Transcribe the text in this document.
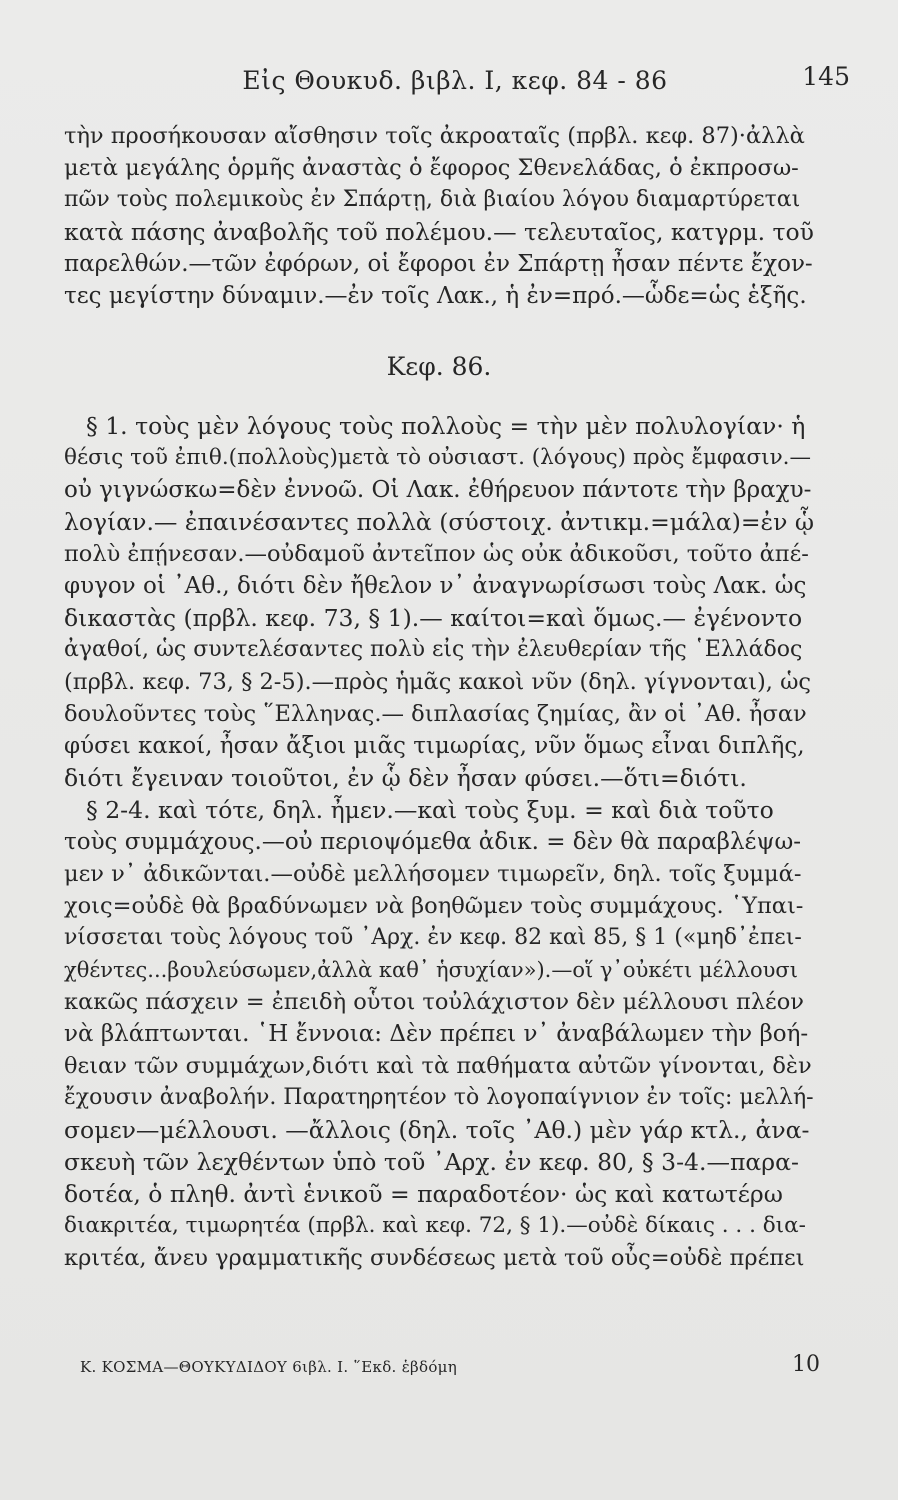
Εἰς Θουκυδ. βιβλ. Ι, κεφ. 84 - 86	145
τὴν προσήκουσαν αἴσθησιν τοῖς ἀκροαταῖς (πρβλ. κεφ. 87)·ἀλλὰ
μετὰ μεγάλης ὁρμῆς ἀναστὰς ὁ ἔφορος Σθενελάδας, ὁ ἐκπροσω-
πῶν τοὺς πολεμικοὺς ἐν Σπάρτῃ, διὰ βιαίου λόγου διαμαρτύρεται
κατὰ πάσης ἀναβολῆς τοῦ πολέμου.— τελευταῖος, κατγρμ. τοῦ
παρελθών.—τῶν ἐφόρων, οἱ ἔφοροι ἐν Σπάρτῃ ἦσαν πέντε ἔχον-
τες μεγίστην δύναμιν.—ἐν τοῖς Λακ., ἡ ἐν=πρό.—ὧδε=ὡς ἑξῆς.
Κεφ. 86.
§ 1. τοὺς μὲν λόγους τοὺς πολλοὺς = τὴν μὲν πολυλογίαν· ἡ
θέσις τοῦ ἐπιθ.(πολλοὺς)μετὰ τὸ οὐσιαστ. (λόγους) πρὸς ἔμφασιν.—
οὐ γιγνώσκω=δὲν ἐννοῶ. Οἱ Λακ. ἐθήρευον πάντοτε τὴν βραχυ-
λογίαν.— ἐπαινέσαντες πολλὰ (σύστοιχ. ἀντικμ.=μάλα)=ἐν ᾧ
πολὺ ἐπῄνεσαν.—οὐδαμοῦ ἀντεῖπον ὡς οὐκ ἀδικοῦσι, τοῦτο ἀπέ-
φυγον οἱ ᾿Αθ., διότι δὲν ἤθελον ν᾿ ἀναγνωρίσωσι τοὺς Λακ. ὡς
δικαστὰς (πρβλ. κεφ. 73, § 1).— καίτοι=καὶ ὅμως.— ἐγένοντο
ἀγαθοί, ὡς συντελέσαντες πολὺ εἰς τὴν ἐλευθερίαν τῆς ῾Ελλάδος
(πρβλ. κεφ. 73, § 2-5).—πρὸς ἡμᾶς κακοὶ νῦν (δηλ. γίγνονται), ὡς
δουλοῦντες τοὺς ῞Ελληνας.— διπλασίας ζημίας, ἂν οἱ ᾿Αθ. ἦσαν
φύσει κακοί, ἦσαν ἄξιοι μιᾶς τιμωρίας, νῦν ὅμως εἶναι διπλῆς,
διότι ἔγειναν τοιοῦτοι, ἐν ᾧ δὲν ἦσαν φύσει.—ὅτι=διότι.
§ 2-4. καὶ τότε, δηλ. ἦμεν.—καὶ τοὺς ξυμ. = καὶ διὰ τοῦτο
τοὺς συμμάχους.—οὐ περιοψόμεθα ἀδικ. = δὲν θὰ παραβλέψω-
μεν ν᾿ ἀδικῶνται.—οὐδὲ μελλήσομεν τιμωρεῖν, δηλ. τοῖς ξυμμά-
χοις=οὐδὲ θὰ βραδύνωμεν νὰ βοηθῶμεν τοὺς συμμάχους. ῾Υπαι-
νίσσεται τοὺς λόγους τοῦ ᾿Αρχ. ἐν κεφ. 82 καὶ 85, § 1 («μηδ᾿ἐπει-
χθέντες...βουλεύσωμεν,ἀλλὰ καθ᾿ ἡσυχίαν»).—οἵ γ᾿οὐκέτι μέλλουσι
κακῶς πάσχειν = ἐπειδὴ οὗτοι τοὐλάχιστον δὲν μέλλουσι πλέον
νὰ βλάπτωνται. ῾Η ἔννοια: Δὲν πρέπει ν᾿ ἀναβάλωμεν τὴν βοή-
θειαν τῶν συμμάχων,διότι καὶ τὰ παθήματα αὐτῶν γίνονται, δὲν
ἔχουσιν ἀναβολήν. Παρατηρητέον τὸ λογοπαίγνιον ἐν τοῖς: μελλή-
σομεν—μέλλουσι. —ἄλλοις (δηλ. τοῖς ᾿Αθ.) μὲν γάρ κτλ., ἀνα-
σκευὴ τῶν λεχθέντων ὑπὸ τοῦ ᾿Αρχ. ἐν κεφ. 80, § 3-4.—παρα-
δοτέα, ὁ πληθ. ἀντὶ ἑνικοῦ = παραδοτέον· ὡς καὶ κατωτέρω
διακριτέα, τιμωρητέα (πρβλ. καὶ κεφ. 72, § 1).—οὐδὲ δίκαις . . . δια-
κριτέα, ἄνευ γραμματικῆς συνδέσεως μετὰ τοῦ οὖς=οὐδὲ πρέπει
Κ. ΚΟΣΜΑ—ΘΟΥΚΥΔΙΔΟΥ 6ιβλ. Ι. ῞Εκδ. ἑβδόμη	10
